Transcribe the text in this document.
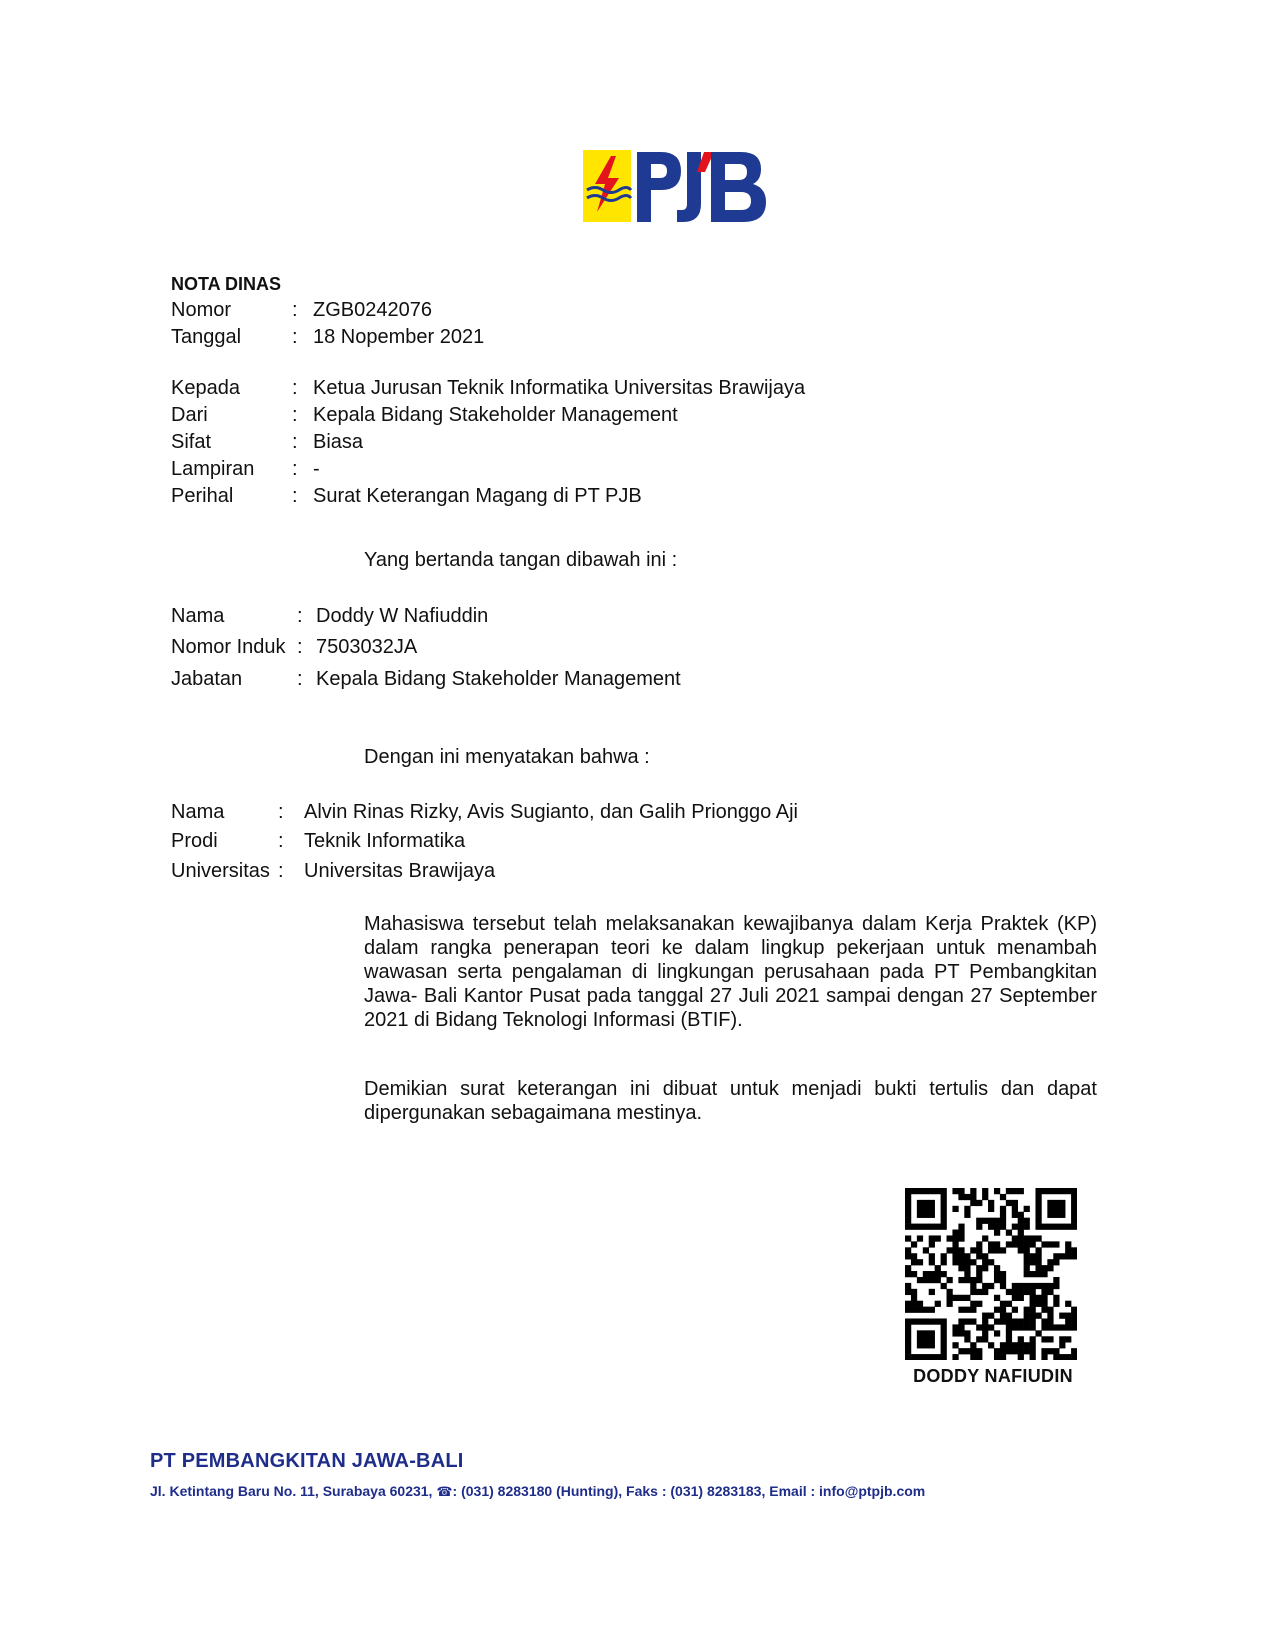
NOTA DINAS
Nomor	: ZGB0242076
Tanggal	: 18 Nopember 2021
Kepada	: Ketua Jurusan Teknik Informatika Universitas Brawijaya
Dari	: Kepala Bidang Stakeholder Management
Sifat	: Biasa
Lampiran : -
Perihal	: Surat Keterangan Magang di PT PJB
Yang bertanda tangan dibawah ini :
Nama	: Doddy W Nafiuddin
Nomor Induk : 7503032JA
Jabatan	: Kepala Bidang Stakeholder Management
Dengan ini menyatakan bahwa :
Nama	: Alvin Rinas Rizky, Avis Sugianto, dan Galih Prionggo Aji
Prodi	: Teknik Informatika
Universitas : Universitas Brawijaya
Mahasiswa tersebut telah melaksanakan kewajibanya dalam Kerja Praktek (KP) dalam rangka penerapan teori ke dalam lingkup pekerjaan untuk menambah wawasan serta pengalaman di lingkungan perusahaan pada PT Pembangkitan Jawa- Bali Kantor Pusat pada tanggal 27 Juli 2021 sampai dengan 27 September 2021 di Bidang Teknologi Informasi (BTIF).
Demikian surat keterangan ini dibuat untuk menjadi bukti tertulis dan dapat dipergunakan sebagaimana mestinya.
DODDY NAFIUDIN
PT PEMBANGKITAN JAWA-BALI
Jl. Ketintang Baru No. 11, Surabaya 60231, ☎: (031) 8283180 (Hunting), Faks : (031) 8283183, Email : info@ptpjb.com
